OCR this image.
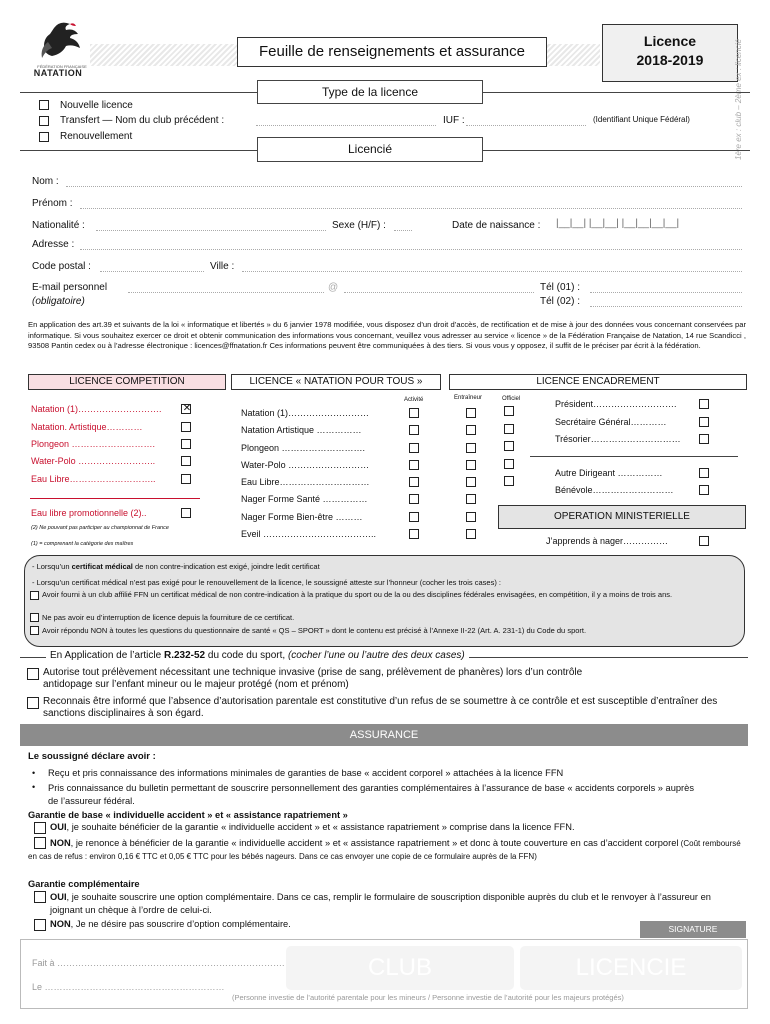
FÉDÉRATION FRANÇAISE
NATATION
Feuille de renseignements et assurance
Licence
2018-2019	1ère ex : club – 2ème ex : licencié
Type de la licence
Nouvelle licence
Transfert — Nom du club précédent :	IUF :	(Identifiant Unique Fédéral)
Renouvellement
Licencié
Nom :
Prénom :
Nationalité :	Sexe (H/F) :	Date de naissance : |__|__| |__|__| |__|__|__|__|
Adresse :
Code postal :	Ville :
E-mail personnel
(obligatoire)
@	Tél (01) :
Tél (02) :
En application des art.39 et suivants de la loi « informatique et libertés » du 6 janvier 1978 modifiée, vous disposez d’un droit d’accès, de rectification et de mise à jour des données vous concernant conservées par informatique. Si vous souhaitez exercer ce droit et obtenir communication des informations vous concernant, veuillez vous adresser au service « licence » de la Fédération Française de Natation, 14 rue Scandicci , 93508 Pantin cedex ou à l’adresse électronique : licences@ffnatation.fr Ces informations peuvent être communiquées à des tiers. Si vous vous y opposez, il suffit de le préciser par écrit à la fédération.
LICENCE COMPETITION	LICENCE « NATATION POUR TOUS »	LICENCE ENCADREMENT
Natation (1)……………………….
✕
Natation. Artistique…………
Plongeon ……………………….
Water-Polo ……………………..
Eau Libre………………………..
Eau libre promotionnelle (2)..
(2) Ne pouvant pas participer au championnat de France
(1) = comprenant la catégorie des maîtres
Activité
Natation (1)………………………
Natation Artistique ……………
Plongeon ……………………….
Water-Polo ………………………
Eau Libre…………………………
Nager Forme Santé ……………
Nager Forme Bien-être ………
Eveil ………………………………..
Entraîneur	Officiel	Président……………………….
Secrétaire Général…………
Trésorier…………………………
Autre Dirigeant ……………
Bénévole………………………
OPERATION MINISTERIELLE
J’apprends à nager……………
- Lorsqu’un certificat médical de non contre-indication est exigé, joindre ledit certificat
- Lorsqu’un certificat médical n’est pas exigé pour le renouvellement de la licence, le soussigné atteste sur l’honneur (cocher les trois cases) :
Avoir fourni à un club affilié FFN un certificat médical de non contre-indication à la pratique du sport ou de la ou des disciplines fédérales envisagées, en compétition, il y a moins de trois ans.
Ne pas avoir eu d’interruption de licence depuis la fourniture de ce certificat.
Avoir répondu NON à toutes les questions du questionnaire de santé « QS – SPORT » dont le contenu est précisé à l’Annexe II-22 (Art. A. 231-1) du Code du sport.
En Application de l’article R.232-52 du code du sport, (cocher l’une ou l’autre des deux cases)
Autorise tout prélèvement nécessitant une technique invasive (prise de sang, prélèvement de phanères) lors d’un contrôle antidopage sur l’enfant mineur ou le majeur protégé (nom et prénom)
Reconnais être informé que l’absence d’autorisation parentale est constitutive d’un refus de se soumettre à ce contrôle et est susceptible d’entraîner des sanctions disciplinaires à son égard.
ASSURANCE
Le soussigné déclare avoir :
• Reçu et pris connaissance des informations minimales de garanties de base « accident corporel » attachées à la licence FFN
• Pris connaissance du bulletin permettant de souscrire personnellement des garanties complémentaires à l’assurance de base « accidents corporels » auprès de l’assureur fédéral.
Garantie de base « individuelle accident » et « assistance rapatriement »
OUI, je souhaite bénéficier de la garantie « individuelle accident » et « assistance rapatriement » comprise dans la licence FFN.
NON, je renonce à bénéficier de la garantie « individuelle accident » et « assistance rapatriement » et donc à toute couverture en cas d’accident corporel (Coût remboursé en cas de refus : environ 0,16 € TTC et 0,05 € TTC pour les bébés nageurs. Dans ce cas envoyer une copie de ce formulaire auprès de la FFN)
Garantie complémentaire
OUI, je souhaite souscrire une option complémentaire. Dans ce cas, remplir le formulaire de souscription disponible auprès du club et le renvoyer à l’assureur en joignant un chèque à l’ordre de celui-ci.
NON, Je ne désire pas souscrire d’option complémentaire.	SIGNATURE
Fait à ………………………………………………………………….
Le ……………………………………………………
CLUB	LICENCIE
(Personne investie de l’autorité parentale pour les mineurs / Personne investie de l’autorité pour les majeurs protégés)
